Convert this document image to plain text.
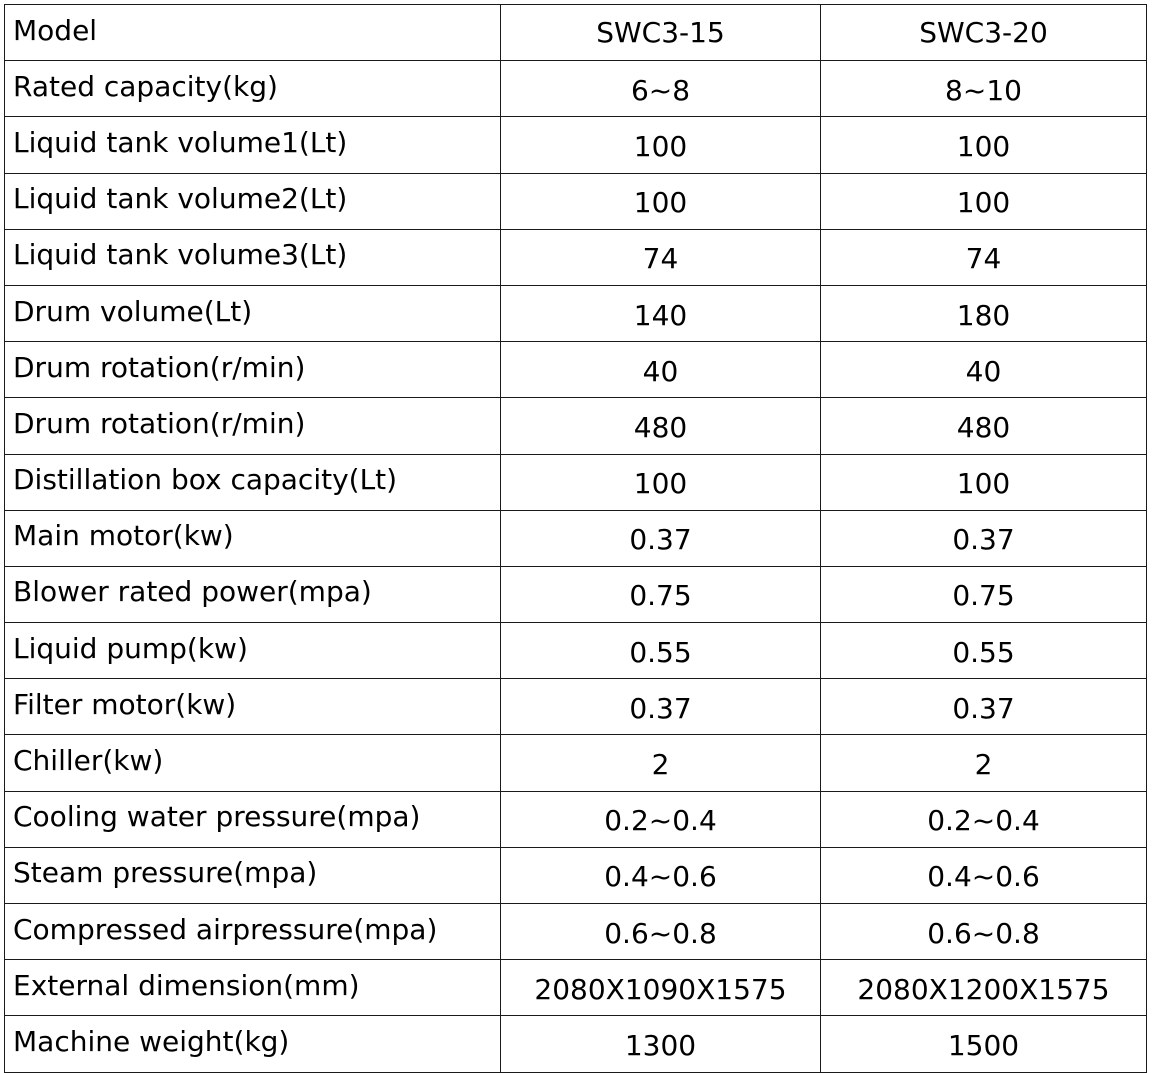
Model	SWC3-15	SWC3-20
Rated capacity(kg)	6~8	8~10
Liquid tank volume1(Lt)	100	100
Liquid tank volume2(Lt)	100	100
Liquid tank volume3(Lt)	74	74
Drum volume(Lt)	140	180
Drum rotation(r/min)	40	40
Drum rotation(r/min)	480	480
Distillation box capacity(Lt)	100	100
Main motor(kw)	0.37	0.37
Blower rated power(mpa)	0.75	0.75
Liquid pump(kw)	0.55	0.55
Filter motor(kw)	0.37	0.37
Chiller(kw)	2	2
Cooling water pressure(mpa)	0.2~0.4	0.2~0.4
Steam pressure(mpa)	0.4~0.6	0.4~0.6
Compressed airpressure(mpa)	0.6~0.8	0.6~0.8
External dimension(mm)	2080X1090X1575	2080X1200X1575
Machine weight(kg)	1300	1500
